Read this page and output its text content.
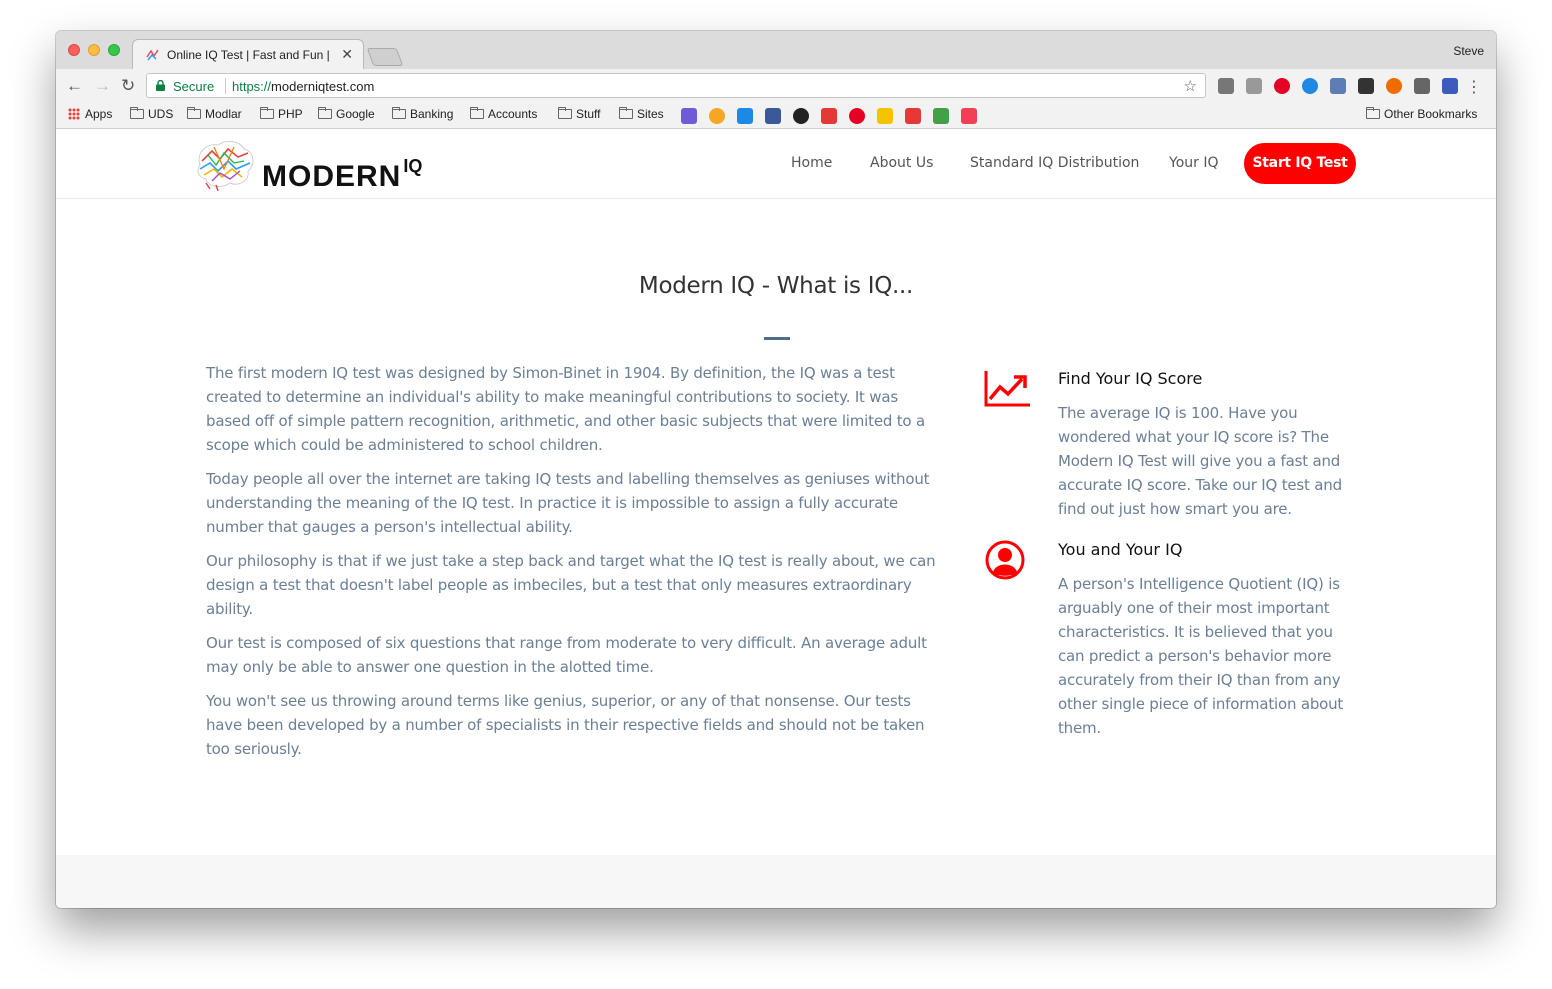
Online IQ Test | Fast and Fun | ✕	Steve
← → ↻	Secure https://moderniqtest.com	☆	⋮
Apps	UDS	Modlar	PHP	Google	Banking	Accounts	Stuff	Sites	Other Bookmarks
MODERN $^{IQ}$	Home	About Us	Standard IQ Distribution Your IQ	Start IQ Test
Modern IQ - What is IQ...

The first modern IQ test was designed by Simon-Binet in 1904. By definition, the IQ was a test created to determine an individual's ability to make meaningful contributions to society. It was based off of simple pattern recognition, arithmetic, and other basic subjects that were limited to a scope which could be administered to school children.

Today people all over the internet are taking IQ tests and labelling themselves as geniuses without understanding the meaning of the IQ test. In practice it is impossible to assign a fully accurate number that gauges a person's intellectual ability.

Our philosophy is that if we just take a step back and target what the IQ test is really about, we can design a test that doesn't label people as imbeciles, but a test that only measures extraordinary ability.

Our test is composed of six questions that range from moderate to very difficult. An average adult may only be able to answer one question in the alotted time.

You won't see us throwing around terms like genius, superior, or any of that nonsense. Our tests have been developed by a number of specialists in their respective fields and should not be taken too seriously.

Find Your IQ Score
The average IQ is 100. Have you wondered what your IQ score is? The Modern IQ Test will give you a fast and accurate IQ score. Take our IQ test and find out just how smart you are.
You and Your IQ
A person's Intelligence Quotient (IQ) is arguably one of their most important characteristics. It is believed that you can predict a person's behavior more accurately from their IQ than from any other single piece of information about them.
